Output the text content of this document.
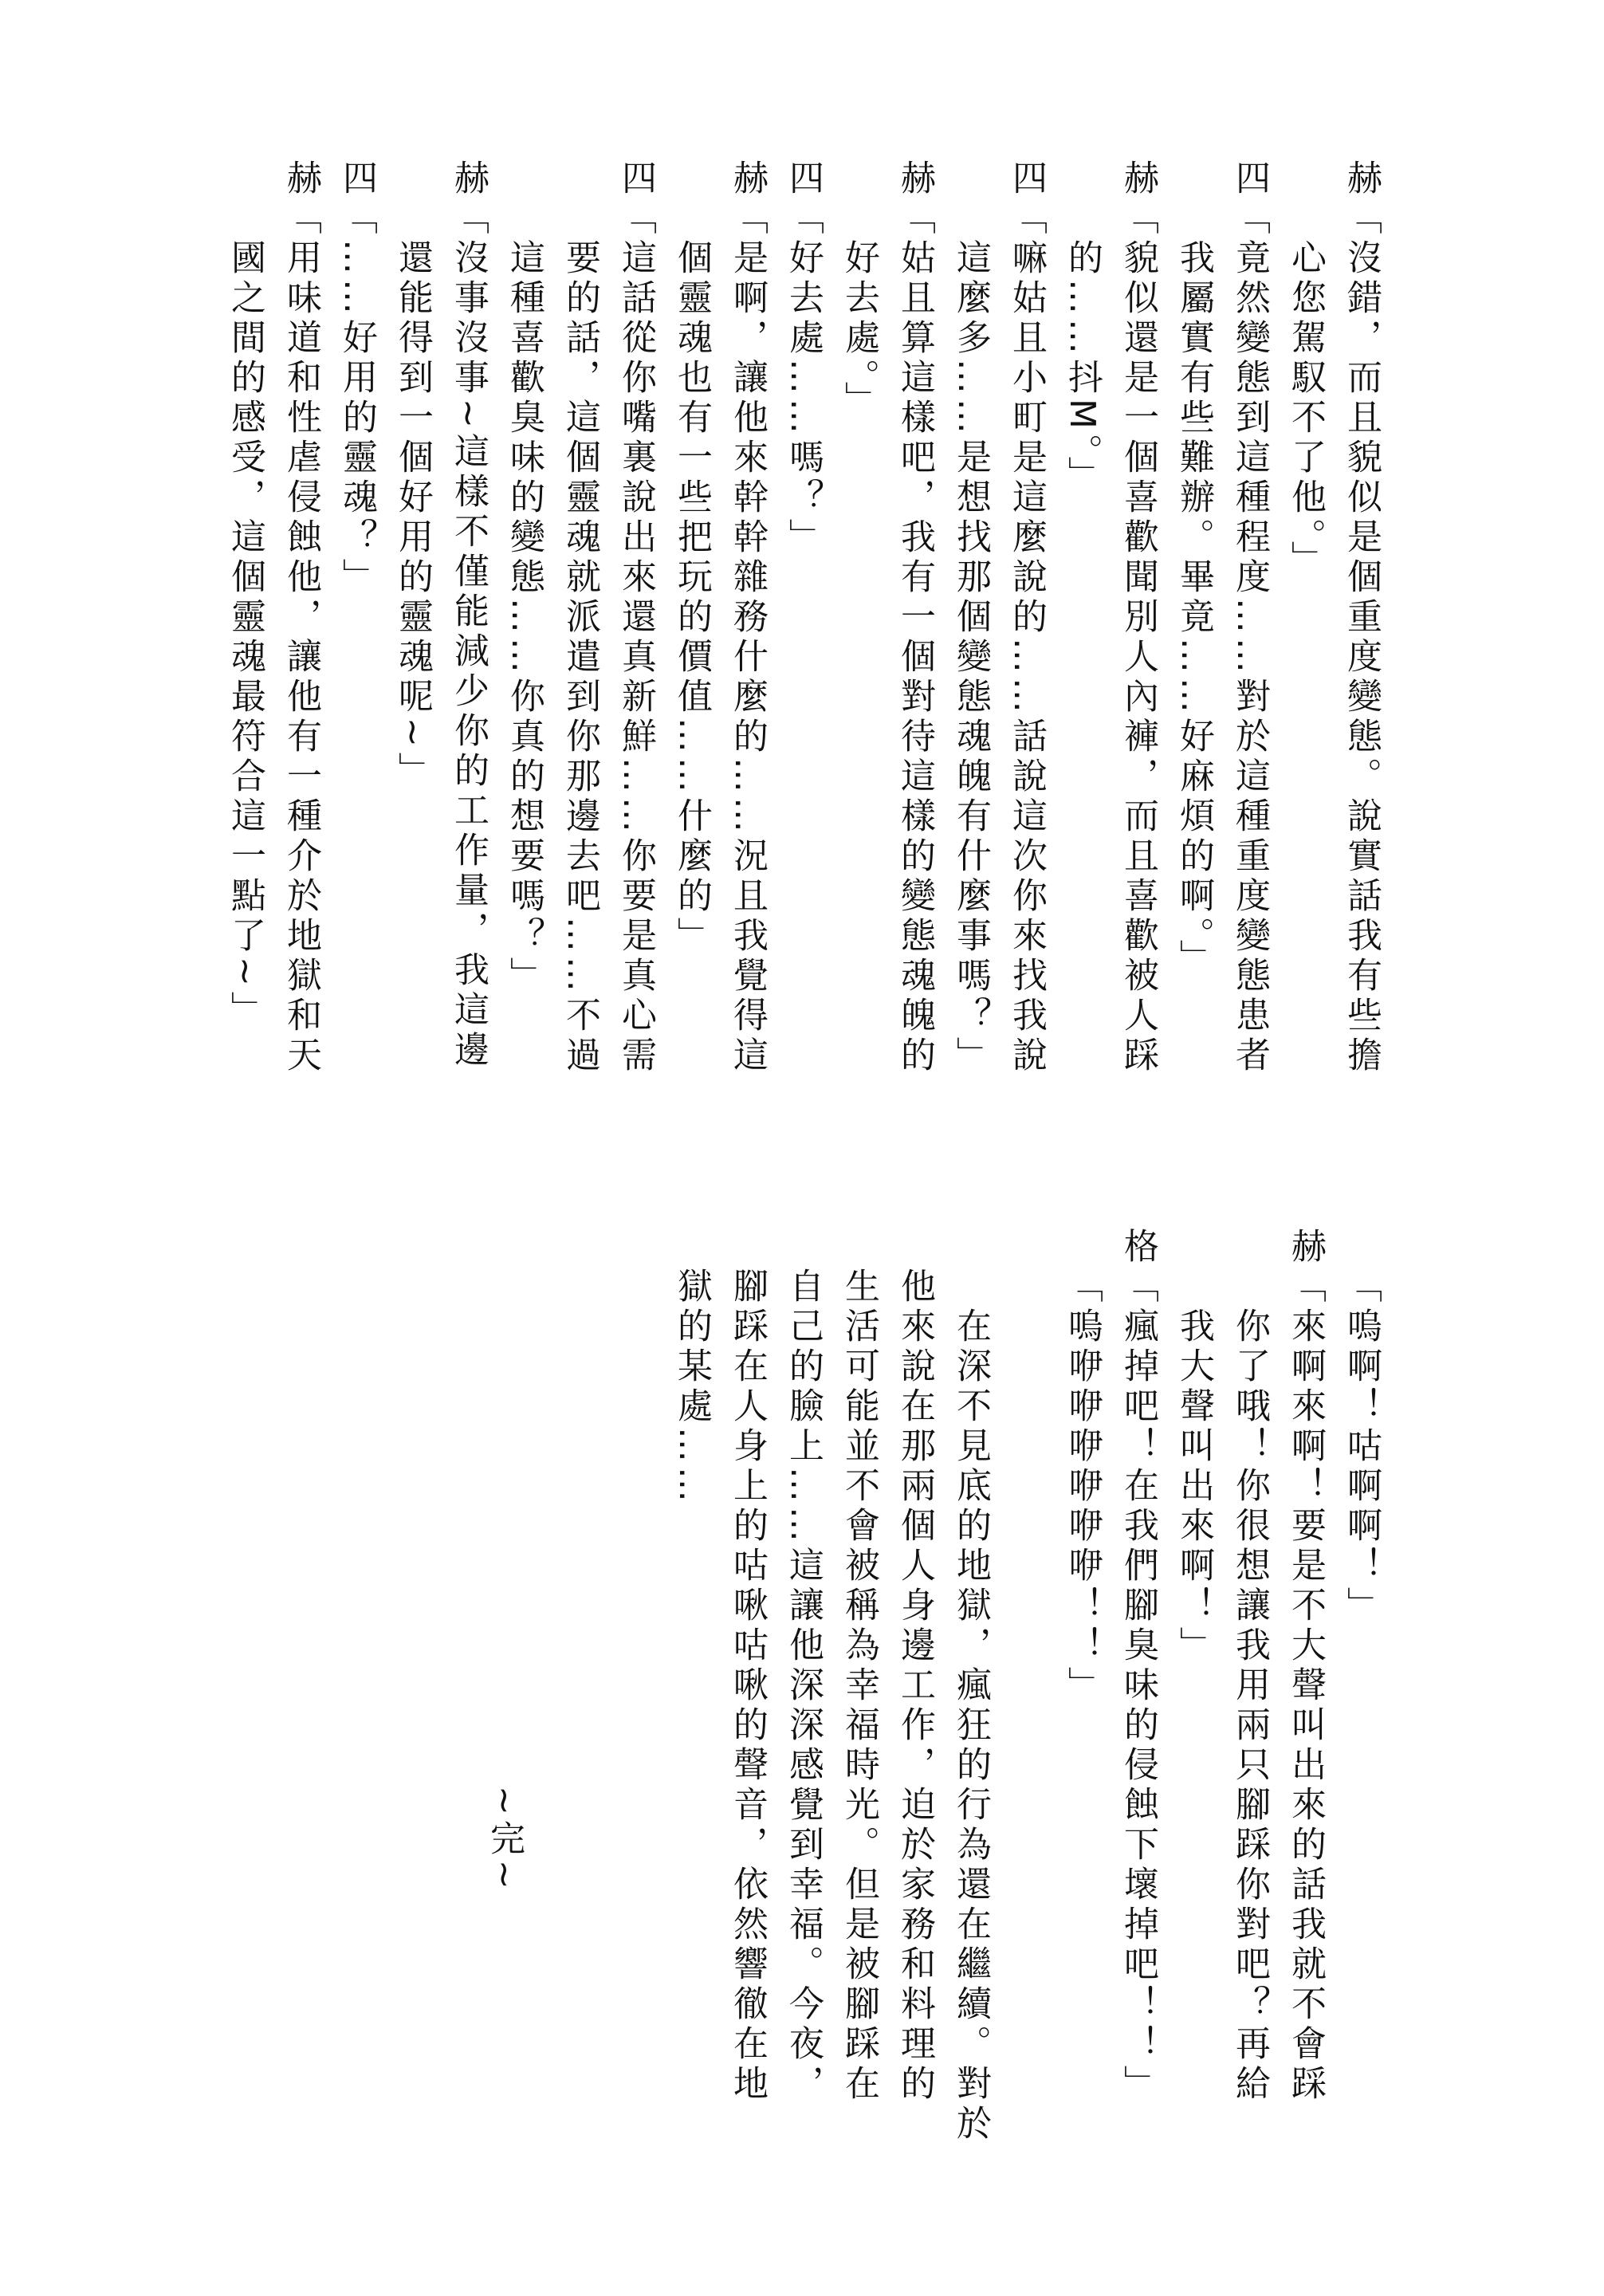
赫「沒錯，而且貌似是個重度變態。說實話我有些擔
　　心您駕馭不了他。」
四「竟然變態到這種程度……對於這種重度變態患者
　　我屬實有些難辦。畢竟……好麻煩的啊。」
赫「貌似還是一個喜歡聞別人內褲，而且喜歡被人踩
　　的……抖M。」
四「嘛姑且小町是這麼說的……話說這次你來找我說
　　這麼多……是想找那個變態魂魄有什麼事嗎？」
赫「姑且算這樣吧，我有一個對待這樣的變態魂魄的
　　好去處。」
四「好去處……嗎？」
赫「是啊，讓他來幹幹雜務什麼的……況且我覺得這
　　個靈魂也有一些把玩的價值……什麼的」
四「這話從你嘴裏說出來還真新鮮……你要是真心需
　　要的話，這個靈魂就派遣到你那邊去吧……不過
　　這種喜歡臭味的變態……你真的想要嗎？」
赫「沒事沒事~這樣不僅能減少你的工作量，我這邊
　　還能得到一個好用的靈魂呢~」
四「……好用的靈魂？」
赫「用味道和性虐侵蝕他，讓他有一種介於地獄和天
　　國之間的感受，這個靈魂最符合這一點了~」

　「嗚啊！咕啊啊！」
赫「來啊來啊！要是不大聲叫出來的話我就不會踩
　　你了哦！你很想讓我用兩只腳踩你對吧？再給
　　我大聲叫出來啊！」
格「瘋掉吧！在我們腳臭味的侵蝕下壞掉吧！！」
　「嗚咿咿咿咿咿咿！！」

　　在深不見底的地獄，瘋狂的行為還在繼續。對於
　他來說在那兩個人身邊工作，迫於家務和料理的
　生活可能並不會被稱為幸福時光。但是被腳踩在
　自己的臉上……這讓他深深感覺到幸福。今夜，
　腳踩在人身上的咕啾咕啾的聲音，依然響徹在地
　獄的某處……

~完~
